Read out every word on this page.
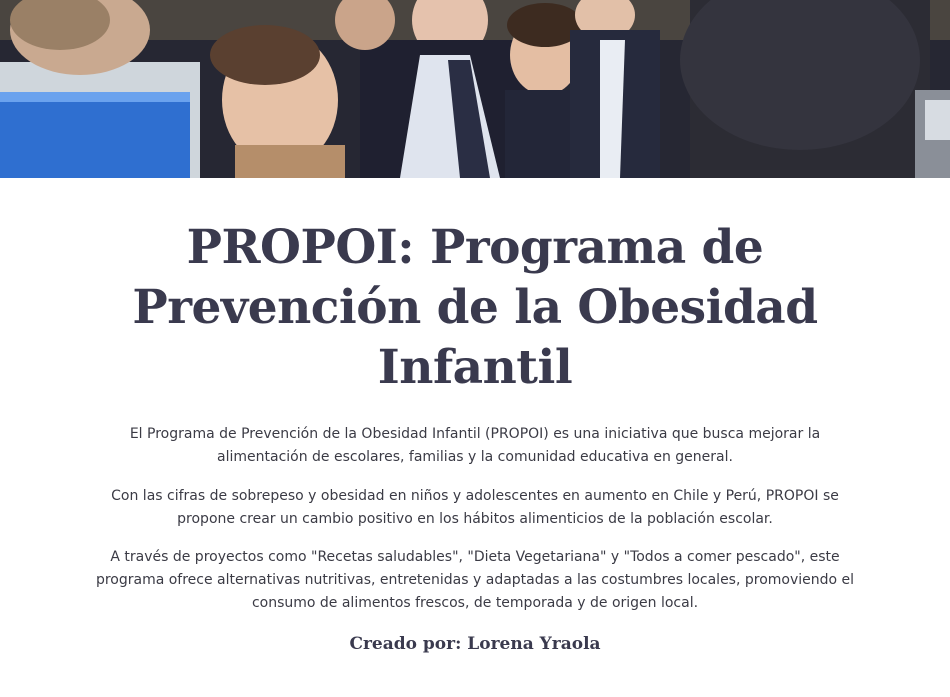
PROPOI: Programa de Prevención de la Obesidad Infantil

El Programa de Prevención de la Obesidad Infantil (PROPOI) es una iniciativa que busca mejorar la alimentación de escolares, familias y la comunidad educativa en general.

Con las cifras de sobrepeso y obesidad en niños y adolescentes en aumento en Chile y Perú, PROPOI se propone crear un cambio positivo en los hábitos alimenticios de la población escolar.

A través de proyectos como "Recetas saludables", "Dieta Vegetariana" y "Todos a comer pescado", este programa ofrece alternativas nutritivas, entretenidas y adaptadas a las costumbres locales, promoviendo el consumo de alimentos frescos, de temporada y de origen local.

Creado por: Lorena Yraola
